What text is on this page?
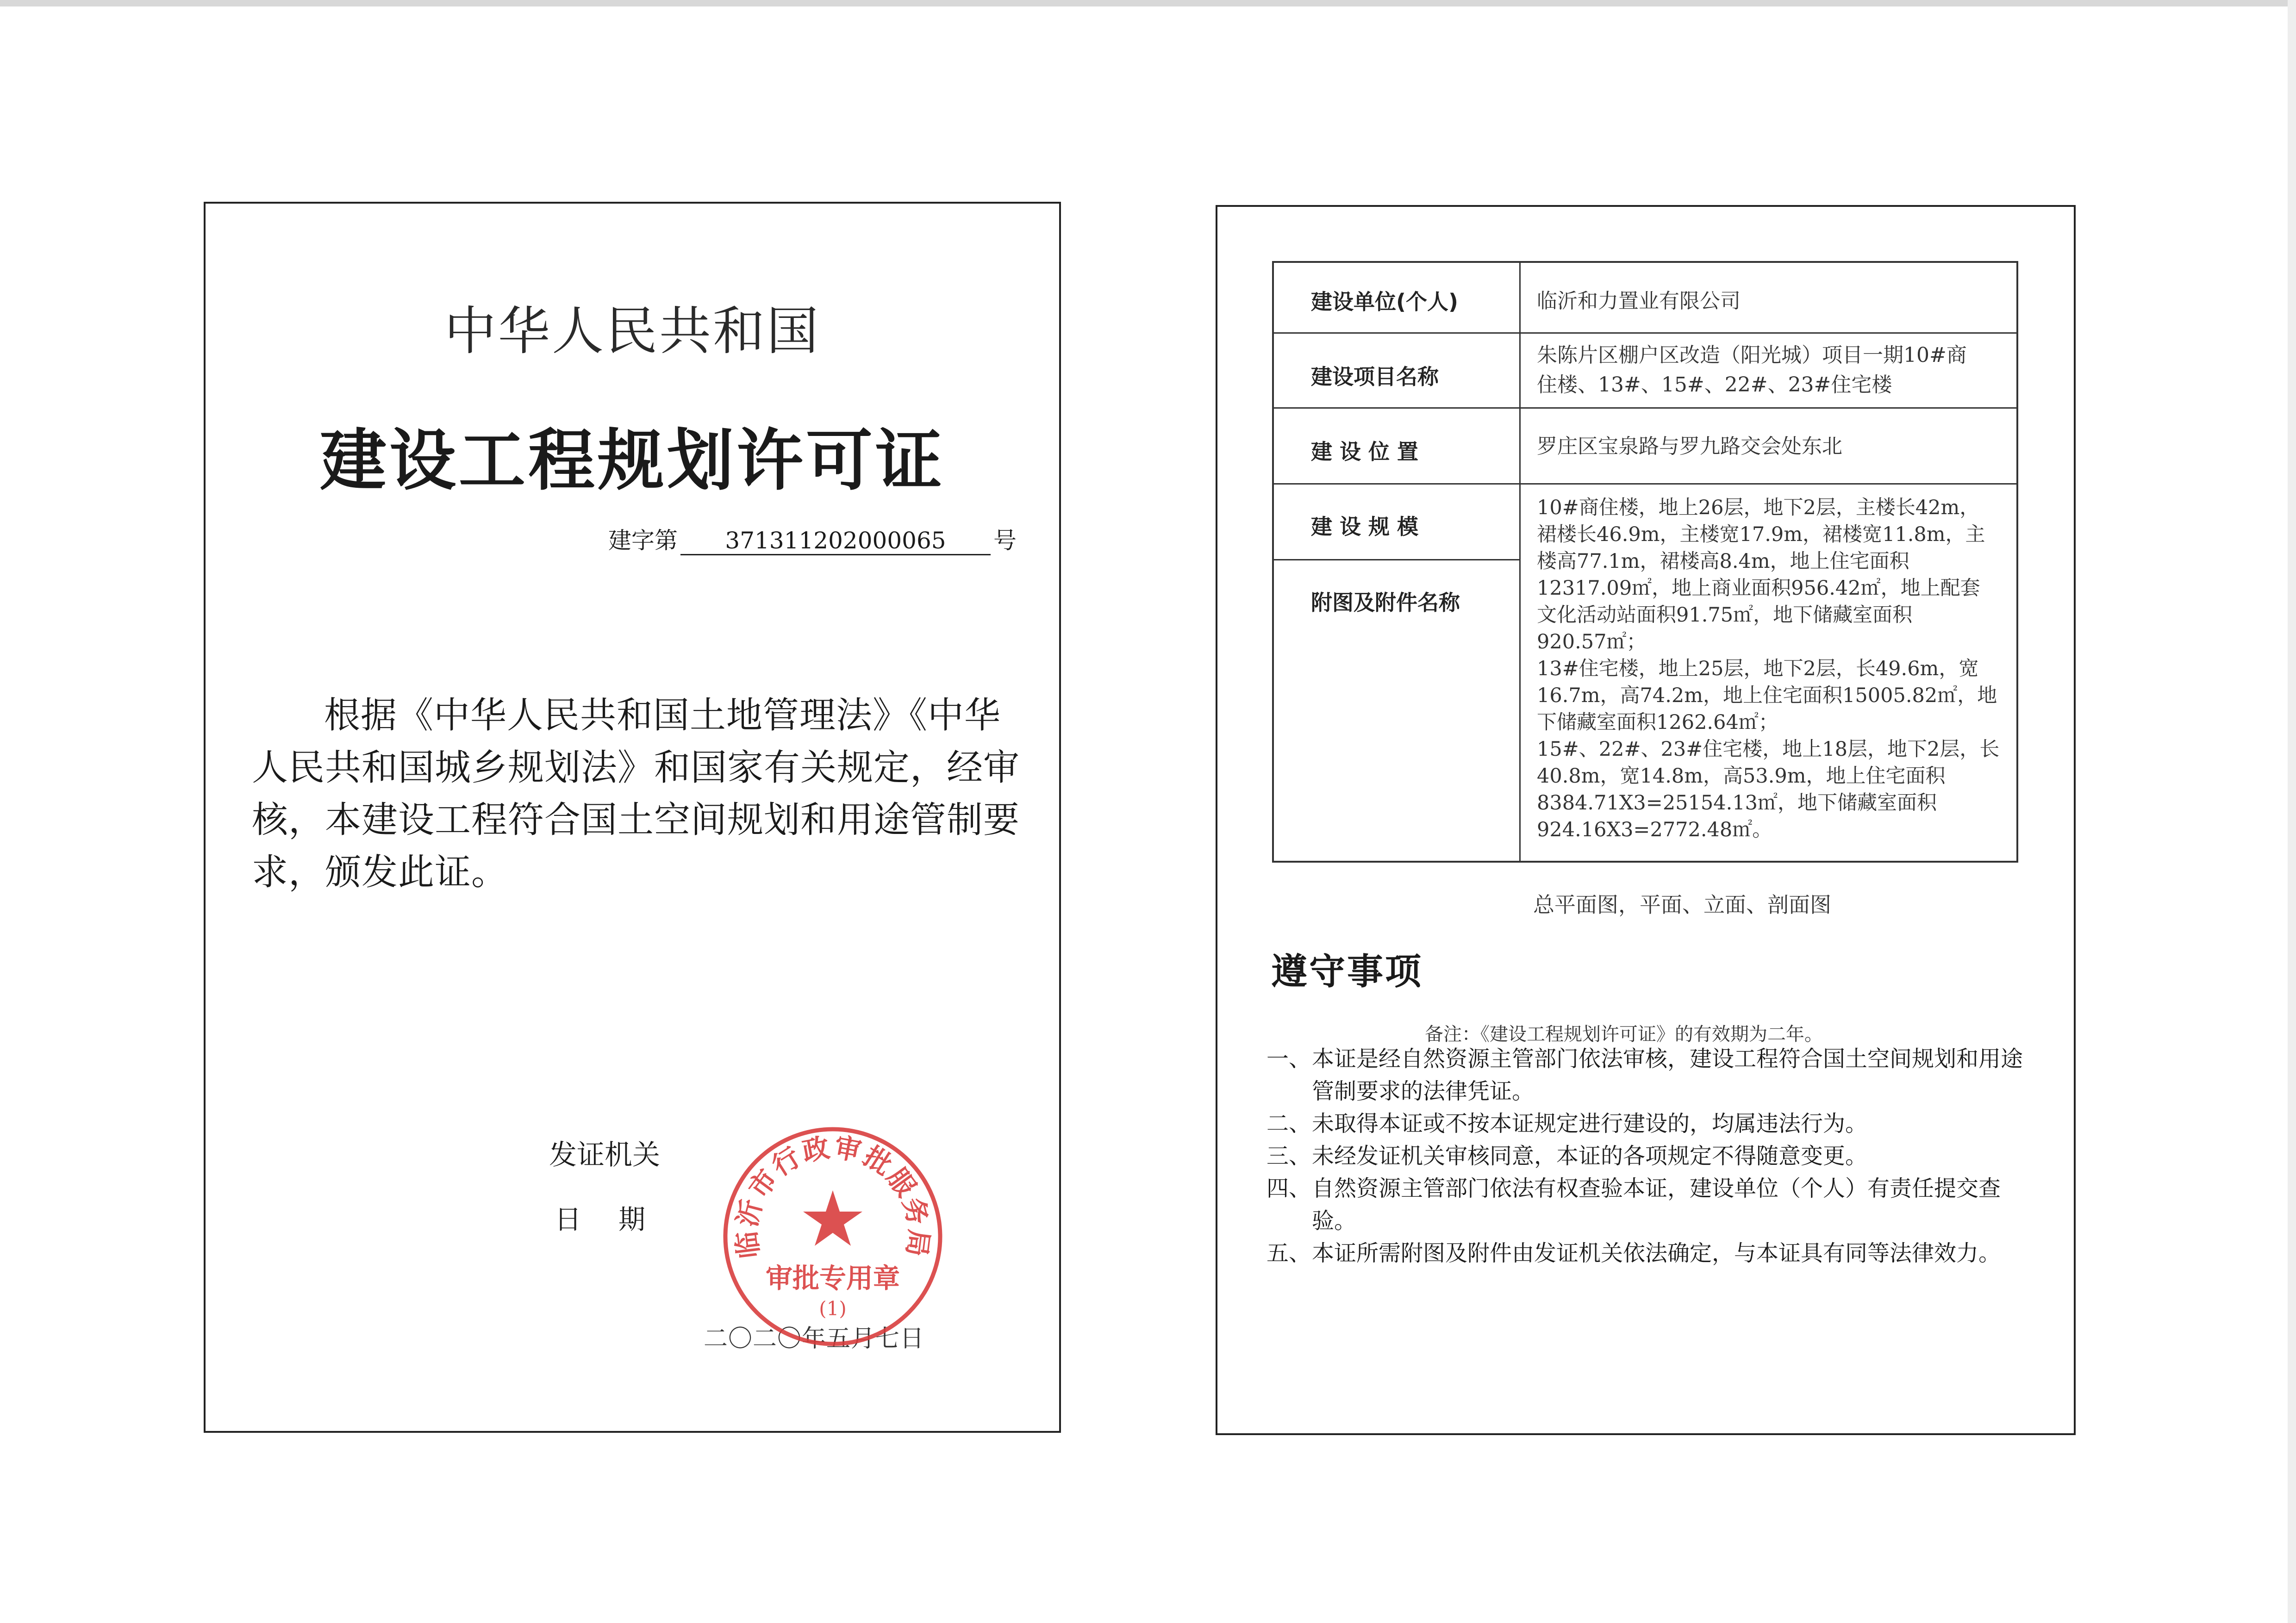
中华人民共和国
建设工程规划许可证
建字第 371311202000065 号

根据《中华人民共和国土地管理法》《中华人民共和国城乡规划法》和国家有关规定，经审核，本建设工程符合国土空间规划和用途管制要求，颁发此证。

发证机关
日期
二〇二〇年五月七日
临沂市行政审批服务局
审批专用章
(1)
建设单位(个人)	临沂和力置业有限公司
建设项目名称
朱陈片区棚户区改造（阳光城）项目一期10#商
住楼、13#、15#、22#、23#住宅楼
建 设 位 置	罗庄区宝泉路与罗九路交会处东北
建 设 规 模
附图及附件名称
10#商住楼，地上26层，地下2层，主楼长42m，
裙楼长46.9m，主楼宽17.9m，裙楼宽11.8m，主
楼高77.1m，裙楼高8.4m，地上住宅面积
12317.09㎡，地上商业面积956.42㎡，地上配套
文化活动站面积91.75㎡，地下储藏室面积
920.57㎡；
13#住宅楼，地上25层，地下2层，长49.6m，宽
16.7m，高74.2m，地上住宅面积15005.82㎡，地
下储藏室面积1262.64㎡；
15#、22#、23#住宅楼，地上18层，地下2层，长
40.8m，宽14.8m，高53.9m，地上住宅面积
8384.71X3=25154.13㎡，地下储藏室面积
924.16X3=2772.48㎡。
总平面图，平面、立面、剖面图
遵守事项
备注：《建设工程规划许可证》的有效期为二年。
一、 本证是经自然资源主管部门依法审核，建设工程符合国土空间规划和用途管制要求的法律凭证。
二、 未取得本证或不按本证规定进行建设的，均属违法行为。
三、 未经发证机关审核同意，本证的各项规定不得随意变更。
四、 自然资源主管部门依法有权查验本证，建设单位（个人）有责任提交查验。
五、 本证所需附图及附件由发证机关依法确定，与本证具有同等法律效力。
